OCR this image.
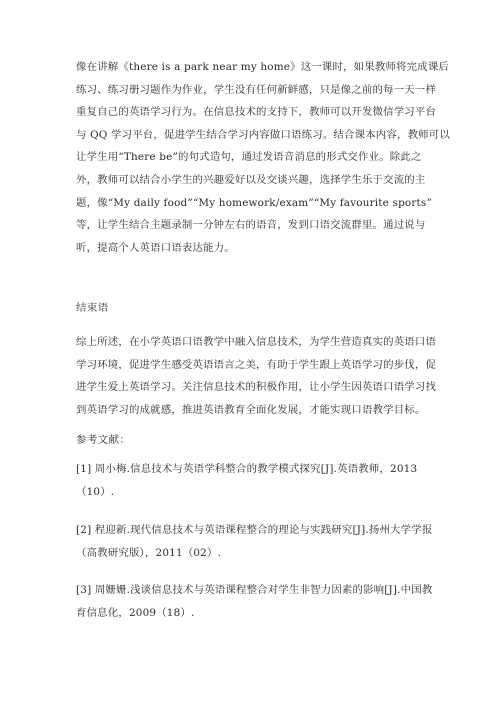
像在讲解《there is a park near my home》这一课时，如果教师将完成课后
练习、练习册习题作为作业，学生没有任何新鲜感，只是像之前的每一天一样
重复自己的英语学习行为。在信息技术的支持下，教师可以开发微信学习平台
与 QQ 学习平台，促进学生结合学习内容做口语练习。结合课本内容，教师可以
让学生用“There be”的句式造句，通过发语音消息的形式交作业。除此之
外，教师可以结合小学生的兴趣爱好以及交谈兴趣，选择学生乐于交流的主
题，像“My daily food”“My homework/exam”“My favourite sports”
等，让学生结合主题录制一分钟左右的语音，发到口语交流群里。通过说与
听，提高个人英语口语表达能力。
结束语
综上所述，在小学英语口语教学中融入信息技术，为学生营造真实的英语口语
学习环境，促进学生感受英语语言之美，有助于学生跟上英语学习的步伐，促
进学生爱上英语学习。关注信息技术的积极作用，让小学生因英语口语学习找
到英语学习的成就感，推进英语教育全面化发展，才能实现口语教学目标。
参考文献：
[1] 周小梅.信息技术与英语学科整合的教学模式探究[J].英语教师，2013
（10）.
[2] 程迎新.现代信息技术与英语课程整合的理论与实践研究[J].扬州大学学报
（高教研究版），2011（02）.
[3] 周姗姗.浅谈信息技术与英语课程整合对学生非智力因素的影响[J].中国教
育信息化，2009（18）.
